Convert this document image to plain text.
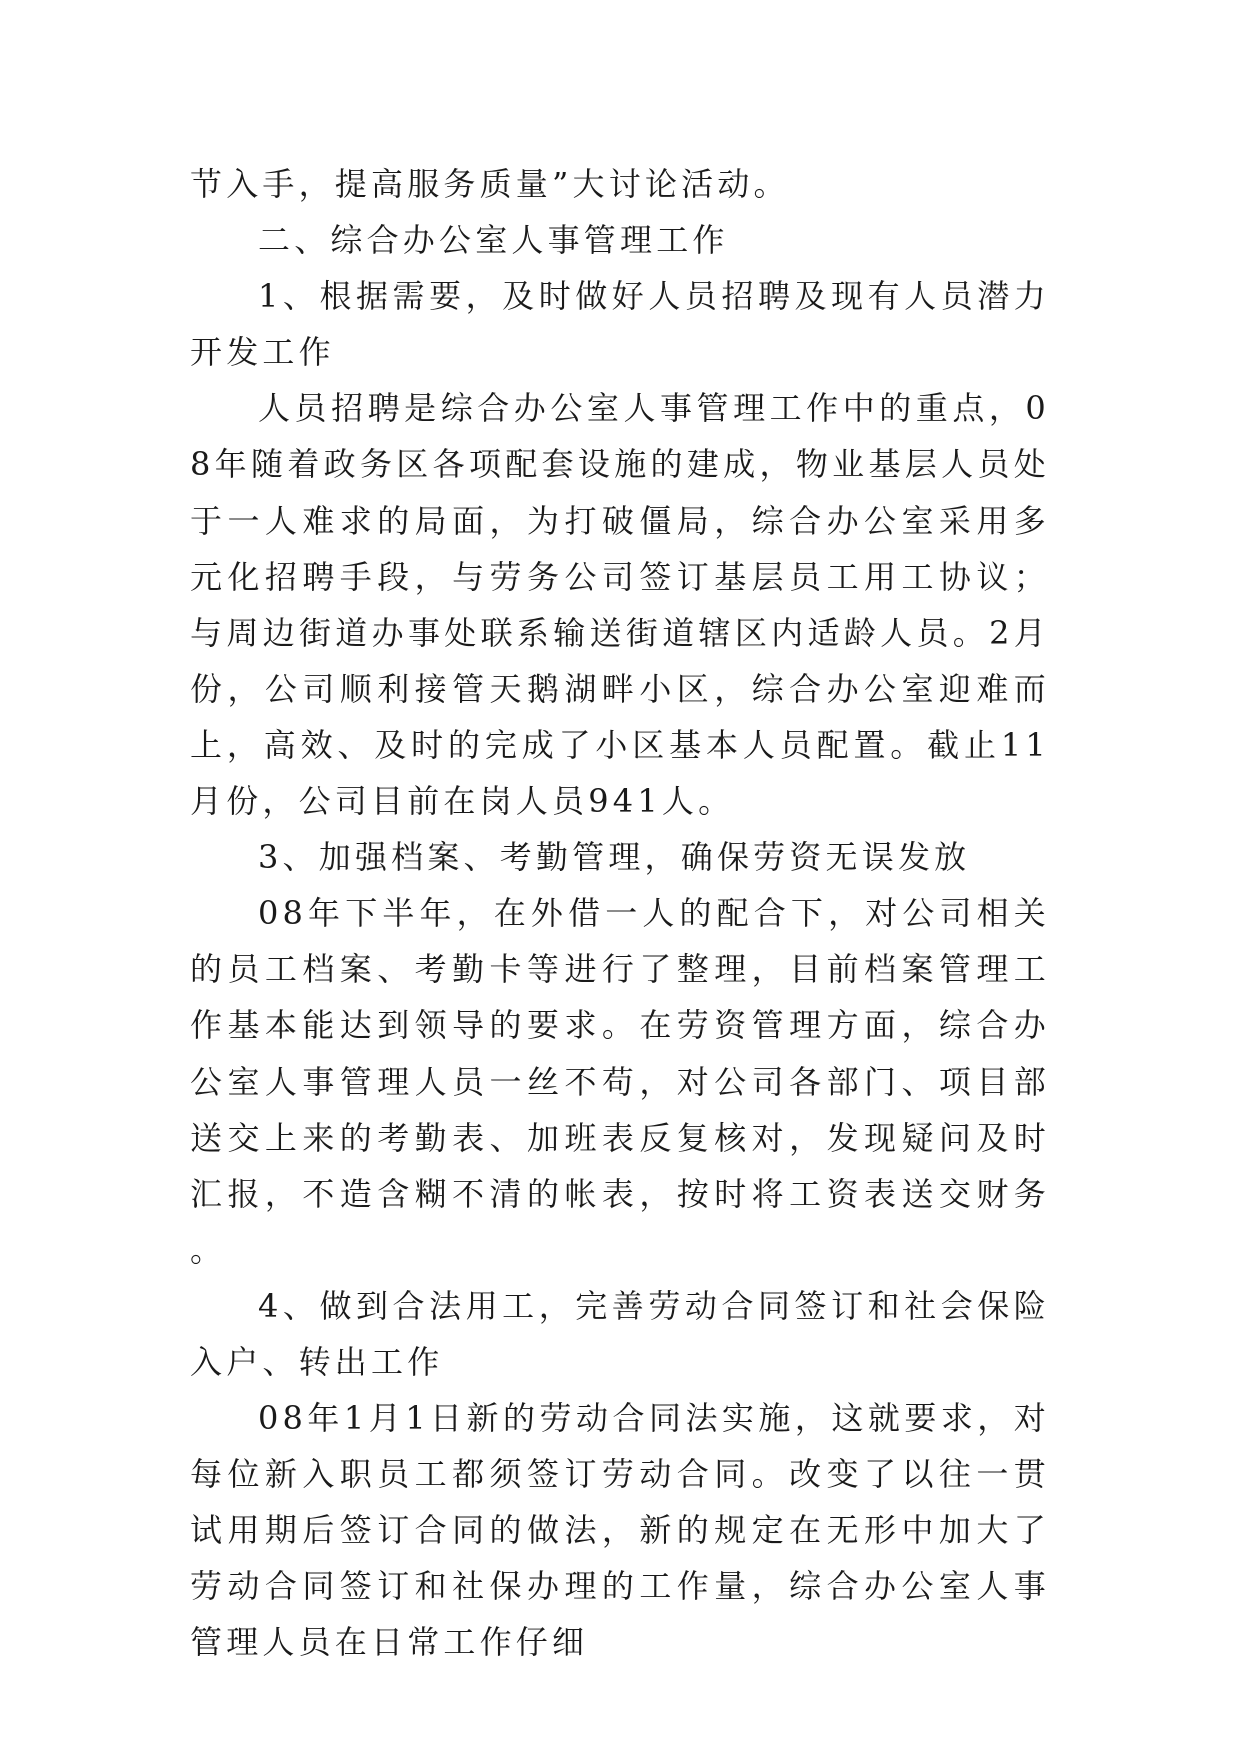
节入手，提高服务质量”大讨论活动。

二、综合办公室人事管理工作

1、根据需要，及时做好人员招聘及现有人员潜力开发工作

人员招聘是综合办公室人事管理工作中的重点，08年随着政务区各项配套设施的建成，物业基层人员处于一人难求的局面，为打破僵局，综合办公室采用多元化招聘手段，与劳务公司签订基层员工用工协议；与周边街道办事处联系输送街道辖区内适龄人员。2月份，公司顺利接管天鹅湖畔小区，综合办公室迎难而上，高效、及时的完成了小区基本人员配置。截止11月份，公司目前在岗人员941人。

3、加强档案、考勤管理，确保劳资无误发放

08年下半年，在外借一人的配合下，对公司相关的员工档案、考勤卡等进行了整理，目前档案管理工作基本能达到领导的要求。在劳资管理方面，综合办公室人事管理人员一丝不苟，对公司各部门、项目部送交上来的考勤表、加班表反复核对，发现疑问及时汇报，不造含糊不清的帐表，按时将工资表送交财务。

4、做到合法用工，完善劳动合同签订和社会保险入户、转出工作

08年1月1日新的劳动合同法实施，这就要求，对每位新入职员工都须签订劳动合同。改变了以往一贯试用期后签订合同的做法，新的规定在无形中加大了劳动合同签订和社保办理的工作量，综合办公室人事管理人员在日常工作仔细
